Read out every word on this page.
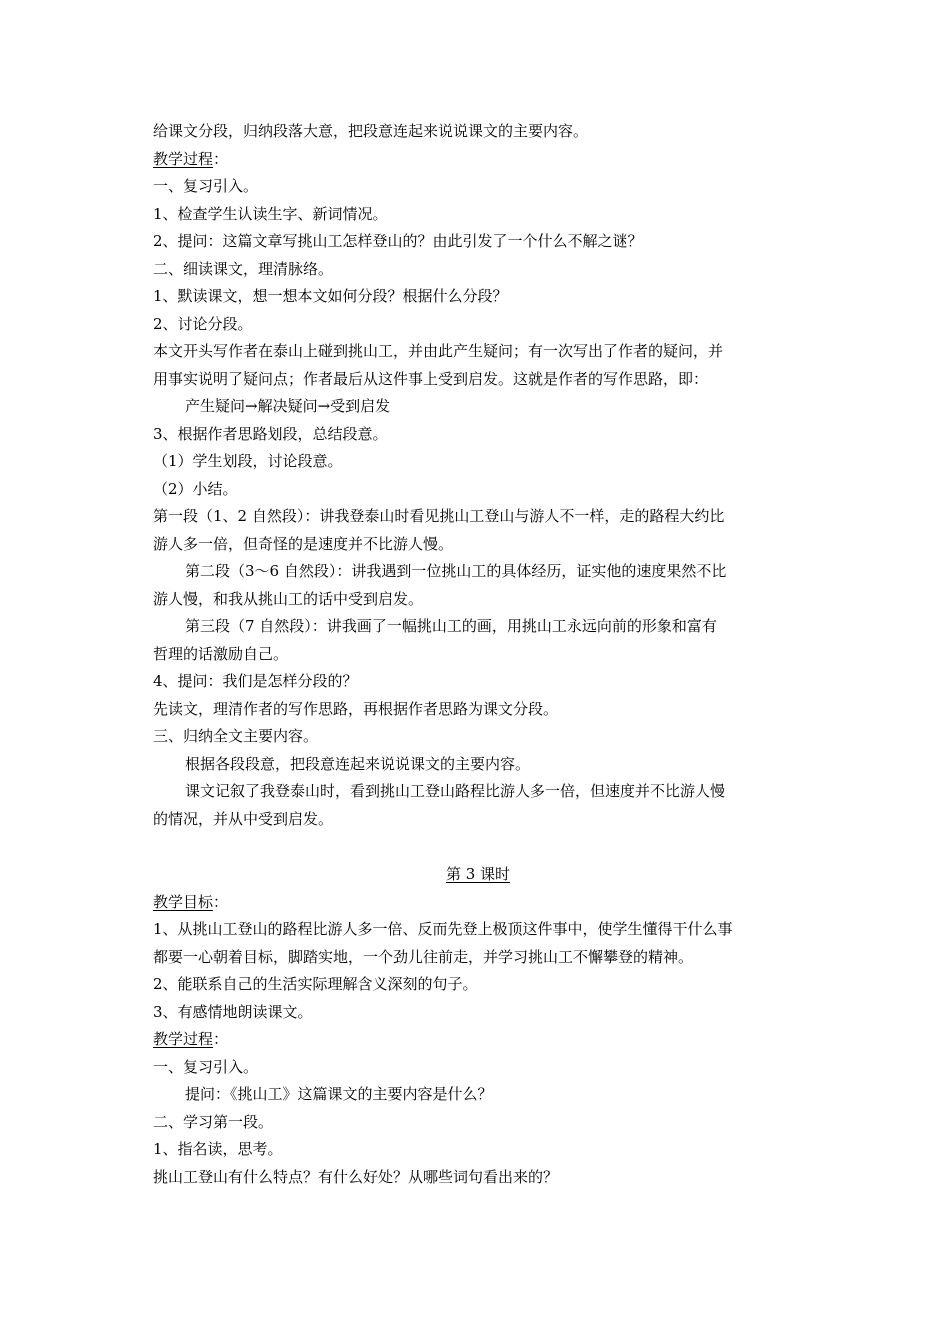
给课文分段，归纳段落大意，把段意连起来说说课文的主要内容。

教学过程：

一、复习引入。

1、检查学生认读生字、新词情况。

2、提问：这篇文章写挑山工怎样登山的？由此引发了一个什么不解之谜？

二、细读课文，理清脉络。

1、默读课文，想一想本文如何分段？根据什么分段？

2、讨论分段。

本文开头写作者在泰山上碰到挑山工，并由此产生疑问；有一次写出了作者的疑问，并

用事实说明了疑问点；作者最后从这件事上受到启发。这就是作者的写作思路，即：

产生疑问→解决疑问→受到启发

3、根据作者思路划段，总结段意。

（1）学生划段，讨论段意。

（2）小结。

第一段（1、2 自然段）：讲我登泰山时看见挑山工登山与游人不一样，走的路程大约比

游人多一倍，但奇怪的是速度并不比游人慢。

第二段（3～6 自然段）：讲我遇到一位挑山工的具体经历，证实他的速度果然不比

游人慢，和我从挑山工的话中受到启发。

第三段（7 自然段）：讲我画了一幅挑山工的画，用挑山工永远向前的形象和富有

哲理的话激励自己。

4、提问：我们是怎样分段的？

先读文，理清作者的写作思路，再根据作者思路为课文分段。

三、归纳全文主要内容。

根据各段段意，把段意连起来说说课文的主要内容。

课文记叙了我登泰山时，看到挑山工登山路程比游人多一倍，但速度并不比游人慢

的情况，并从中受到启发。

第 3 课时

教学目标：

1、从挑山工登山的路程比游人多一倍、反而先登上极顶这件事中，使学生懂得干什么事

都要一心朝着目标，脚踏实地，一个劲儿往前走，并学习挑山工不懈攀登的精神。

2、能联系自己的生活实际理解含义深刻的句子。

3、有感情地朗读课文。

教学过程：

一、复习引入。

提问：《挑山工》这篇课文的主要内容是什么？

二、学习第一段。

1、指名读，思考。

挑山工登山有什么特点？有什么好处？从哪些词句看出来的？
